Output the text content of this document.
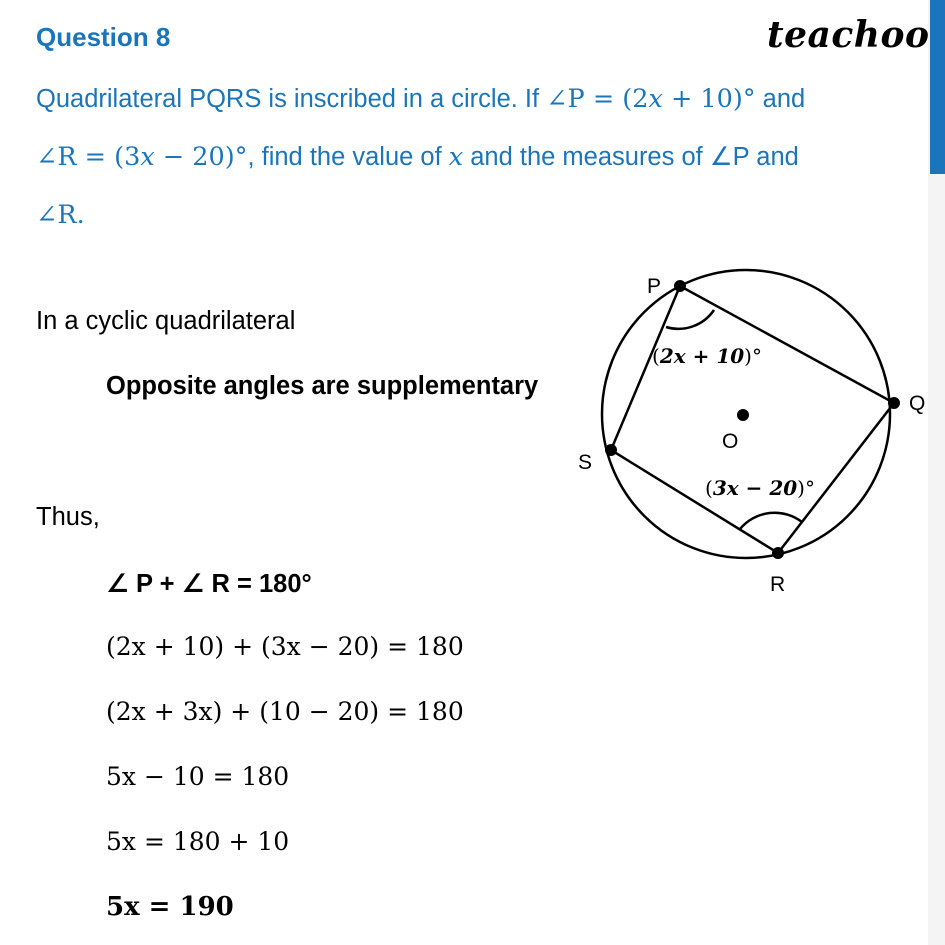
Question 8	teachoo
Quadrilateral PQRS is inscribed in a circle. If ∠P = (2x + 10)° and
∠R = (3x − 20)°, find the value of x and the measures of ∠P and
∠R.
In a cyclic quadrilateral
Opposite angles are supplementary
Thus,
∠ P + ∠ R = 180°
(2x + 10) + (3x − 20) = 180
(2x + 3x) + (10 − 20) = 180
5x − 10 = 180
5x = 180 + 10
5x = 190
P
Q
R
S
O
(2x + 10)°
(3x − 20)°
